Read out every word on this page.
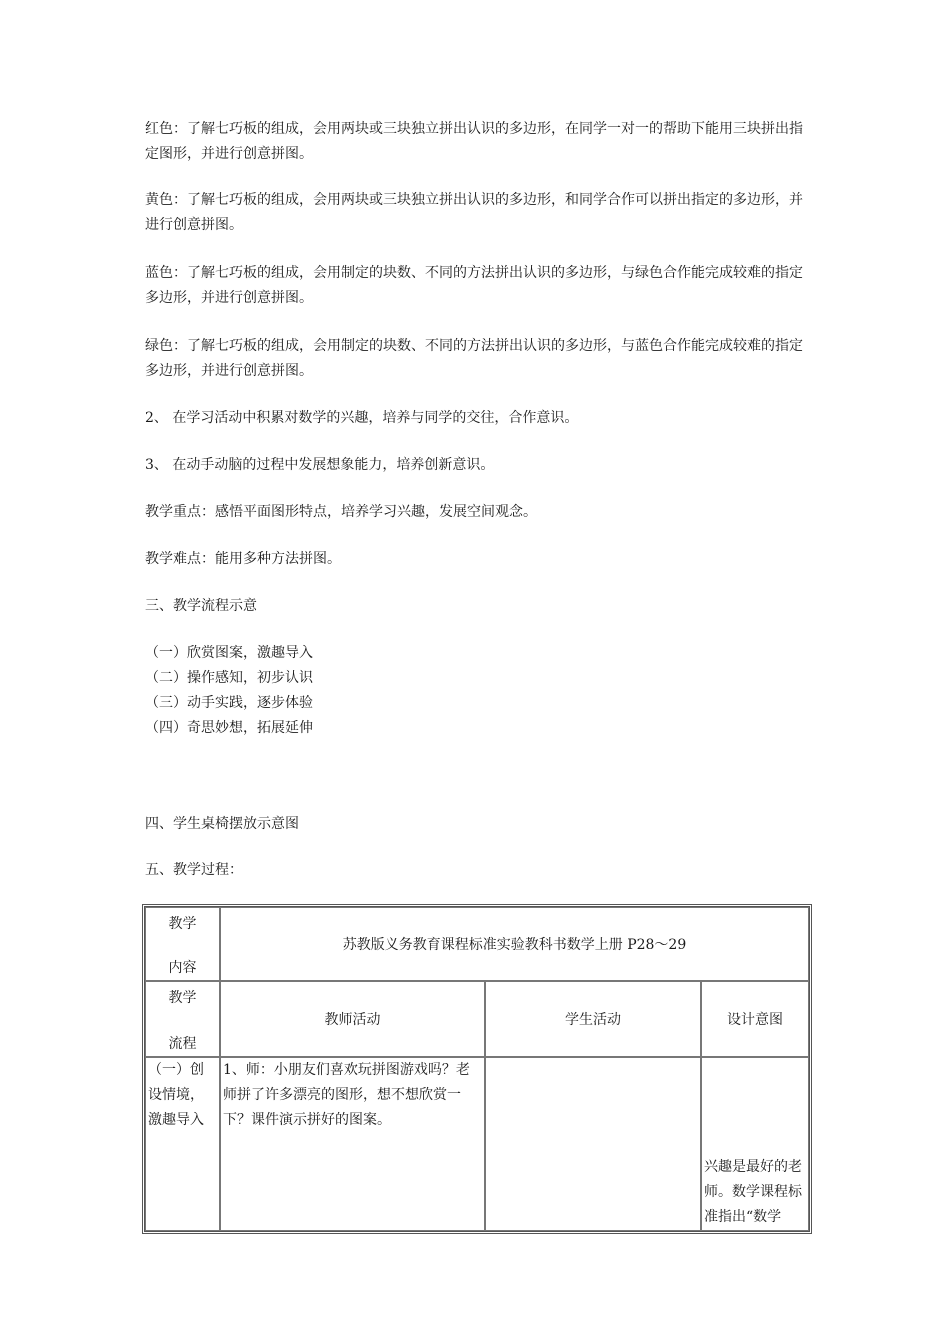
红色：了解七巧板的组成，会用两块或三块独立拼出认识的多边形，在同学一对一的帮助下能用三块拼出指定图形，并进行创意拼图。

黄色：了解七巧板的组成，会用两块或三块独立拼出认识的多边形，和同学合作可以拼出指定的多边形，并进行创意拼图。

蓝色：了解七巧板的组成，会用制定的块数、不同的方法拼出认识的多边形，与绿色合作能完成较难的指定多边形，并进行创意拼图。

绿色：了解七巧板的组成，会用制定的块数、不同的方法拼出认识的多边形，与蓝色合作能完成较难的指定多边形，并进行创意拼图。

2、 在学习活动中积累对数学的兴趣，培养与同学的交往，合作意识。

3、 在动手动脑的过程中发展想象能力，培养创新意识。

教学重点：感悟平面图形特点，培养学习兴趣，发展空间观念。

教学难点：能用多种方法拼图。

三、教学流程示意

（一）欣赏图案，激趣导入

（二）操作感知，初步认识

（三）动手实践，逐步体验

（四）奇思妙想，拓展延伸

四、学生桌椅摆放示意图

五、教学过程：

教学
内容	苏教版义务教育课程标准实验教科书数学上册 P28～29		

教学
流程	教师活动	学生活动	设计意图

（一）创设情境，激趣导入	1、师：小朋友们喜欢玩拼图游戏吗？老师拼了许多漂亮的图形，想不想欣赏一下？课件演示拼好的图案。		兴趣是最好的老师。数学课程标准指出“数学
